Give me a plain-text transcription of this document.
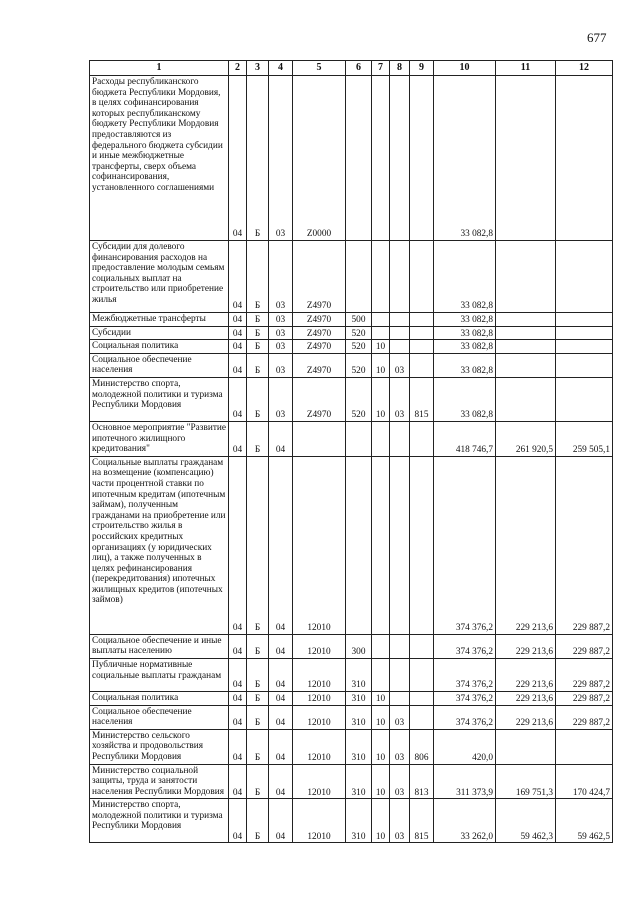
677
1	2	3	4	5	6	7	8	9	10	11	12
Расходы республиканского бюджета Республики Мордовия, в целях софинансирования которых республиканскому бюджету Республики Мордовия предоставляются из федерального бюджета субсидии и иные межбюджетные трансферты, сверх объема софинансирования, установленного соглашениями	04	Б	03	Z0000					33 082,8		
Субсидии для долевого финансирования расходов на предоставление молодым семьям социальных выплат на строительство или приобретение жилья	04	Б	03	Z4970					33 082,8		
Межбюджетные трансферты	04	Б	03	Z4970	500				33 082,8		
Субсидии	04	Б	03	Z4970	520				33 082,8		
Социальная политика	04	Б	03	Z4970	520	10			33 082,8		
Социальное обеспечение населения	04	Б	03	Z4970	520	10	03		33 082,8		
Министерство спорта, молодежной политики и туризма Республики Мордовия	04	Б	03	Z4970	520	10	03	815	33 082,8		
Основное мероприятие "Развитие ипотечного жилищного кредитования"	04	Б	04						418 746,7	261 920,5	259 505,1
Социальные выплаты гражданам на возмещение (компенсацию) части процентной ставки по ипотечным кредитам (ипотечным займам), полученным гражданами на приобретение или строительство жилья в российских кредитных организациях (у юридических лиц), а также полученных в целях рефинансирования (перекредитования) ипотечных жилищных кредитов (ипотечных займов)	04	Б	04	12010					374 376,2	229 213,6	229 887,2
Социальное обеспечение и иные выплаты населению	04	Б	04	12010	300				374 376,2	229 213,6	229 887,2
Публичные нормативные социальные выплаты гражданам	04	Б	04	12010	310				374 376,2	229 213,6	229 887,2
Социальная политика	04	Б	04	12010	310	10			374 376,2	229 213,6	229 887,2
Социальное обеспечение населения	04	Б	04	12010	310	10	03		374 376,2	229 213,6	229 887,2
Министерство сельского хозяйства и продовольствия Республики Мордовия	04	Б	04	12010	310	10	03	806	420,0		
Министерство социальной защиты, труда и занятости населения Республики Мордовия	04	Б	04	12010	310	10	03	813	311 373,9	169 751,3	170 424,7
Министерство спорта, молодежной политики и туризма Республики Мордовия	04	Б	04	12010	310	10	03	815	33 262,0	59 462,3	59 462,5
